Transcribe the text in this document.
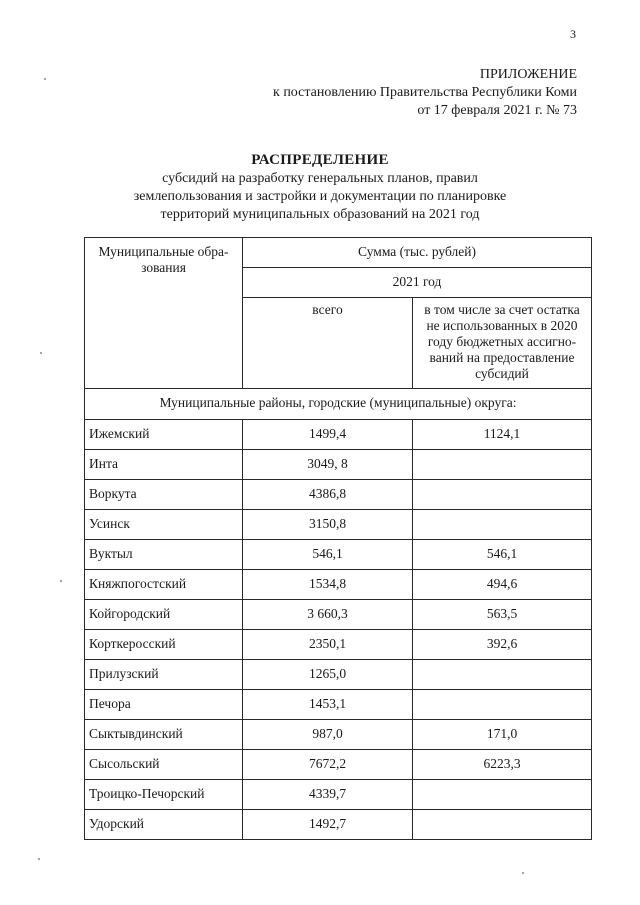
3
ПРИЛОЖЕНИЕ
к постановлению Правительства Республики Коми
от 17 февраля 2021 г. № 73
РАСПРЕДЕЛЕНИЕ
субсидий на разработку генеральных планов, правил
землепользования и застройки и документации по планировке
территорий муниципальных образований на 2021 год
Муниципальные обра-
зования	Сумма (тыс. рублей)	
	2021 год	
	всего	в том числе за счет остатка не использованных в 2020 году бюджетных ассигно-ваний на предоставление субсидий
Муниципальные районы, городские (муниципальные) округа:		
Ижемский	1499,4	1124,1
Инта	3049, 8	
Воркута	4386,8	
Усинск	3150,8	
Вуктыл	546,1	546,1
Княжпогостский	1534,8	494,6
Койгородский	3 660,3	563,5
Корткеросский	2350,1	392,6
Прилузский	1265,0	
Печора	1453,1	
Сыктывдинский	987,0	171,0
Сысольский	7672,2	6223,3
Троицко-Печорский	4339,7	
Удорский	1492,7	
